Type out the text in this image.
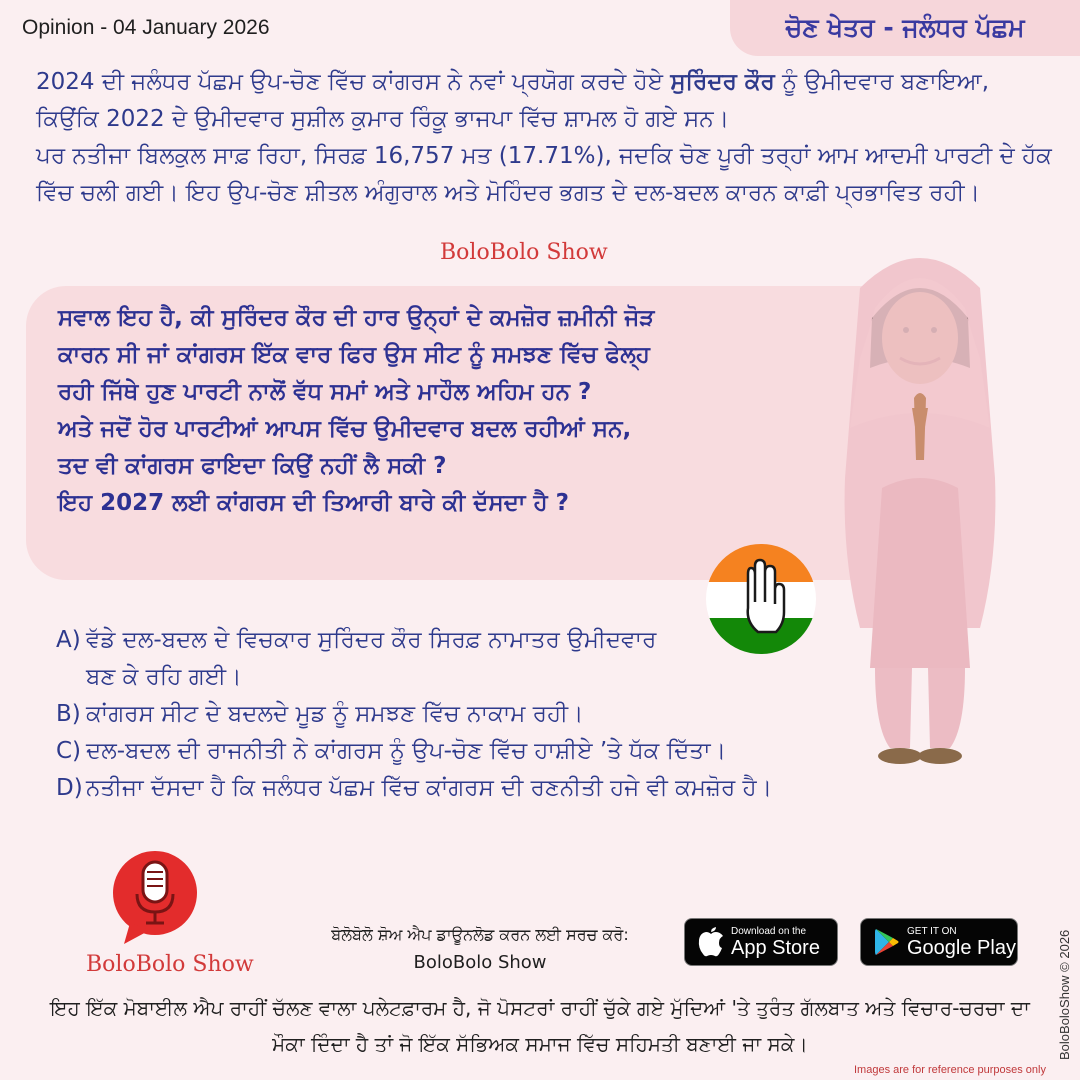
Opinion - 04 January 2026	ਚੋਣ ਖੇਤਰ - ਜਲੰਧਰ ਪੱਛਮ
2024 ਦੀ ਜਲੰਧਰ ਪੱਛਮ ਉਪ-ਚੋਣ ਵਿੱਚ ਕਾਂਗਰਸ ਨੇ ਨਵਾਂ ਪ੍ਰਯੋਗ ਕਰਦੇ ਹੋਏ ਸੁਰਿੰਦਰ ਕੌਰ ਨੂੰ ਉਮੀਦਵਾਰ ਬਣਾਇਆ, ਕਿਉਂਕਿ 2022 ਦੇ ਉਮੀਦਵਾਰ ਸੁਸ਼ੀਲ ਕੁਮਾਰ ਰਿੰਕੂ ਭਾਜਪਾ ਵਿੱਚ ਸ਼ਾਮਲ ਹੋ ਗਏ ਸਨ।
ਪਰ ਨਤੀਜਾ ਬਿਲਕੁਲ ਸਾਫ਼ ਰਿਹਾ, ਸਿਰਫ਼ 16,757 ਮਤ (17.71%), ਜਦਕਿ ਚੋਣ ਪੂਰੀ ਤਰ੍ਹਾਂ ਆਮ ਆਦਮੀ ਪਾਰਟੀ ਦੇ ਹੱਕ ਵਿੱਚ ਚਲੀ ਗਈ। ਇਹ ਉਪ-ਚੋਣ ਸ਼ੀਤਲ ਅੰਗੁਰਾਲ ਅਤੇ ਮੋਹਿੰਦਰ ਭਗਤ ਦੇ ਦਲ-ਬਦਲ ਕਾਰਨ ਕਾਫ਼ੀ ਪ੍ਰਭਾਵਿਤ ਰਹੀ।
BoloBolo Show
ਸਵਾਲ ਇਹ ਹੈ, ਕੀ ਸੁਰਿੰਦਰ ਕੌਰ ਦੀ ਹਾਰ ਉਨ੍ਹਾਂ ਦੇ ਕਮਜ਼ੋਰ ਜ਼ਮੀਨੀ ਜੋੜ
ਕਾਰਨ ਸੀ ਜਾਂ ਕਾਂਗਰਸ ਇੱਕ ਵਾਰ ਫਿਰ ਉਸ ਸੀਟ ਨੂੰ ਸਮਝਣ ਵਿੱਚ ਫੇਲ੍ਹ
ਰਹੀ ਜਿੱਥੇ ਹੁਣ ਪਾਰਟੀ ਨਾਲੋਂ ਵੱਧ ਸਮਾਂ ਅਤੇ ਮਾਹੌਲ ਅਹਿਮ ਹਨ ?
ਅਤੇ ਜਦੋਂ ਹੋਰ ਪਾਰਟੀਆਂ ਆਪਸ ਵਿੱਚ ਉਮੀਦਵਾਰ ਬਦਲ ਰਹੀਆਂ ਸਨ,
ਤਦ ਵੀ ਕਾਂਗਰਸ ਫਾਇਦਾ ਕਿਉਂ ਨਹੀਂ ਲੈ ਸਕੀ ?
ਇਹ 2027 ਲਈ ਕਾਂਗਰਸ ਦੀ ਤਿਆਰੀ ਬਾਰੇ ਕੀ ਦੱਸਦਾ ਹੈ ?
A) ਵੱਡੇ ਦਲ-ਬਦਲ ਦੇ ਵਿਚਕਾਰ ਸੁਰਿੰਦਰ ਕੌਰ ਸਿਰਫ਼ ਨਾਮਾਤਰ ਉਮੀਦਵਾਰ ਬਣ ਕੇ ਰਹਿ ਗਈ।
B) ਕਾਂਗਰਸ ਸੀਟ ਦੇ ਬਦਲਦੇ ਮੂਡ ਨੂੰ ਸਮਝਣ ਵਿੱਚ ਨਾਕਾਮ ਰਹੀ।
C) ਦਲ-ਬਦਲ ਦੀ ਰਾਜਨੀਤੀ ਨੇ ਕਾਂਗਰਸ ਨੂੰ ਉਪ-ਚੋਣ ਵਿੱਚ ਹਾਸ਼ੀਏ ’ਤੇ ਧੱਕ ਦਿੱਤਾ।
D) ਨਤੀਜਾ ਦੱਸਦਾ ਹੈ ਕਿ ਜਲੰਧਰ ਪੱਛਮ ਵਿੱਚ ਕਾਂਗਰਸ ਦੀ ਰਣਨੀਤੀ ਹਜੇ ਵੀ ਕਮਜ਼ੋਰ ਹੈ।
BoloBolo Show
ਬੋਲੋਬੋਲੋ ਸ਼ੋਅ ਐਪ ਡਾਊਨਲੋਡ ਕਰਨ ਲਈ ਸਰਚ ਕਰੋ:
BoloBolo Show
Download on the
App Store
GET IT ON
Google Play
ਇਹ ਇੱਕ ਮੋਬਾਈਲ ਐਪ ਰਾਹੀਂ ਚੱਲਣ ਵਾਲਾ ਪਲੇਟਫ਼ਾਰਮ ਹੈ, ਜੋ ਪੋਸਟਰਾਂ ਰਾਹੀਂ ਚੁੱਕੇ ਗਏ ਮੁੱਦਿਆਂ 'ਤੇ ਤੁਰੰਤ ਗੱਲਬਾਤ ਅਤੇ ਵਿਚਾਰ-ਚਰਚਾ ਦਾ ਮੌਕਾ ਦਿੰਦਾ ਹੈ ਤਾਂ ਜੋ ਇੱਕ ਸੱਭਿਅਕ ਸਮਾਜ ਵਿੱਚ ਸਹਿਮਤੀ ਬਣਾਈ ਜਾ ਸਕੇ।	BoloBoloShow © 2026
Images are for reference purposes only
